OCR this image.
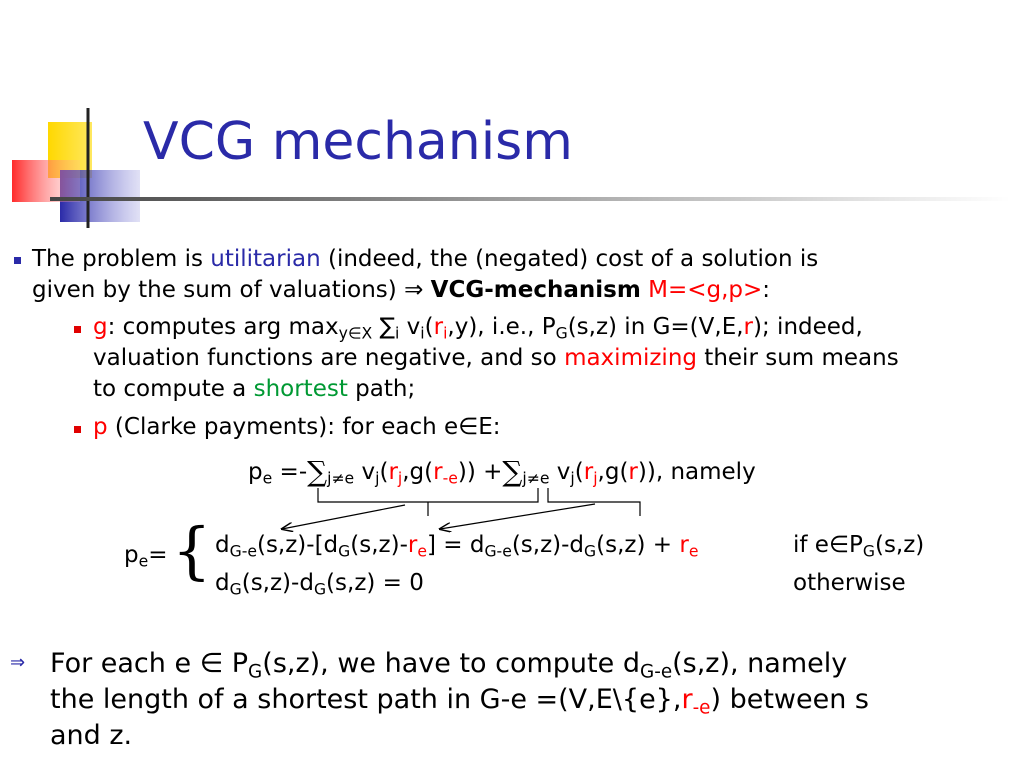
VCG mechanism
The problem is utilitarian (indeed, the (negated) cost of a solution is
given by the sum of valuations) ⇒ VCG-mechanism M=<g,p>:
g: computes arg $\max_{y\in X} \sum_i$ $v_i(r_i,y)$, i.e., $P_G(s,z)$ in G=(V,E,r); indeed,
valuation functions are negative, and so maximizing their sum means
to compute a shortest path;
p (Clarke payments): for each e∈E:
$p_e =-\sum_{j\ne e}$ $v_j(r_j,g(r_{-e})) +\sum_{j\ne e}$ $v_j(r_j,g(r))$, namely
$p_e=$ { $d_{G-e}(s,z)-[d_G(s,z)-r_e] = d_{G-e}(s,z)-d_G(s,z) + r_e$	if $e\in P_G(s,z)$
$d_G(s,z)-d_G(s,z) = 0$	otherwise
⇒ For each e ∈ $P_G(s,z)$, we have to compute $d_{G-e}(s,z)$, namely
the length of a shortest path in $G-e =(V,E\backslash\{e\},r_{-e})$ between s
and z.
